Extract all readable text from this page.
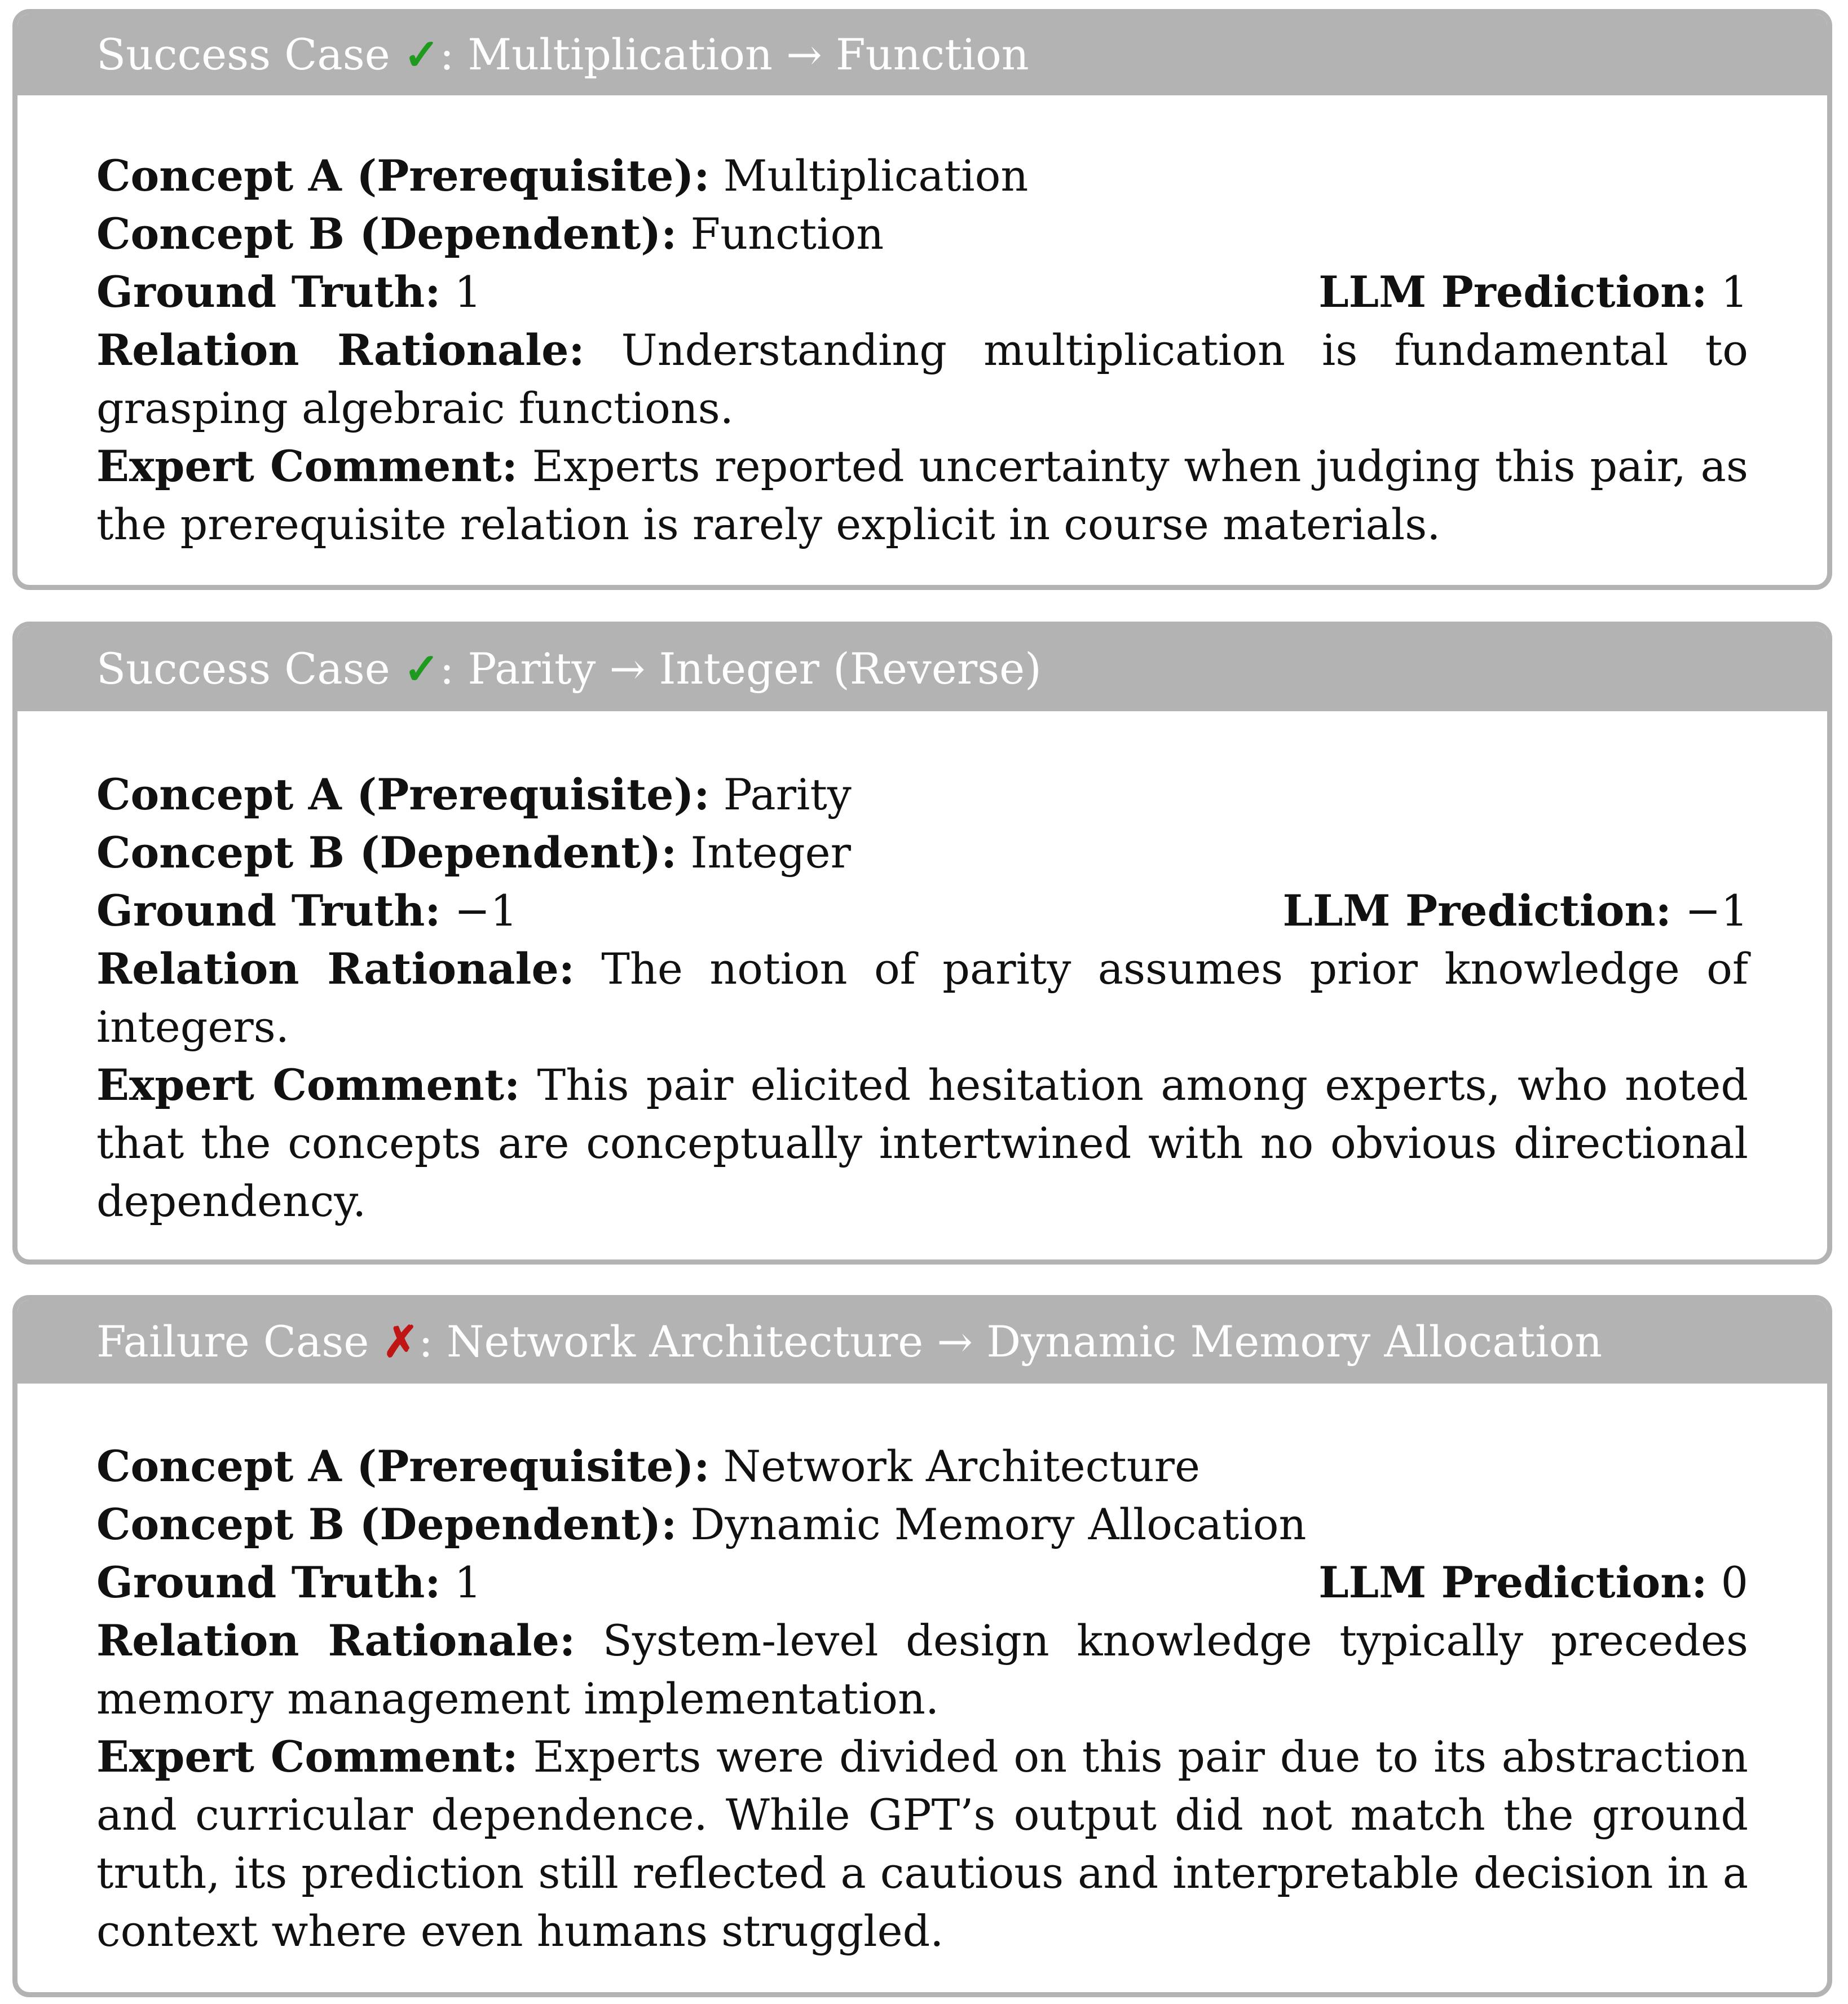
Success Case
✓ : Multiplication → Function
Concept A (Prerequisite): Multiplication
Concept B (Dependent): Function
Ground Truth: 1	LLM Prediction: 1
Relation Rationale: Understanding multiplication is fundamental to grasping algebraic functions.
Expert Comment: Experts reported uncertainty when judging this pair, as the prerequisite relation is rarely explicit in course materials.
Success Case
✓ : Parity → Integer (Reverse)
Concept A (Prerequisite): Parity
Concept B (Dependent): Integer
Ground Truth: −1	LLM Prediction: −1
Relation Rationale: The notion of parity assumes prior knowledge of integers.
Expert Comment: This pair elicited hesitation among experts, who noted that the concepts are conceptually intertwined with no obvious directional dependency.
Failure Case
✗ : Network Architecture → Dynamic Memory Allocation
Concept A (Prerequisite): Network Architecture
Concept B (Dependent): Dynamic Memory Allocation
Ground Truth: 1	LLM Prediction: 0
Relation Rationale: System-level design knowledge typically precedes memory management implementation.
Expert Comment: Experts were divided on this pair due to its abstraction and curricular dependence. While GPT’s output did not match the ground truth, its prediction still reflected a cautious and interpretable decision in a context where even humans struggled.
